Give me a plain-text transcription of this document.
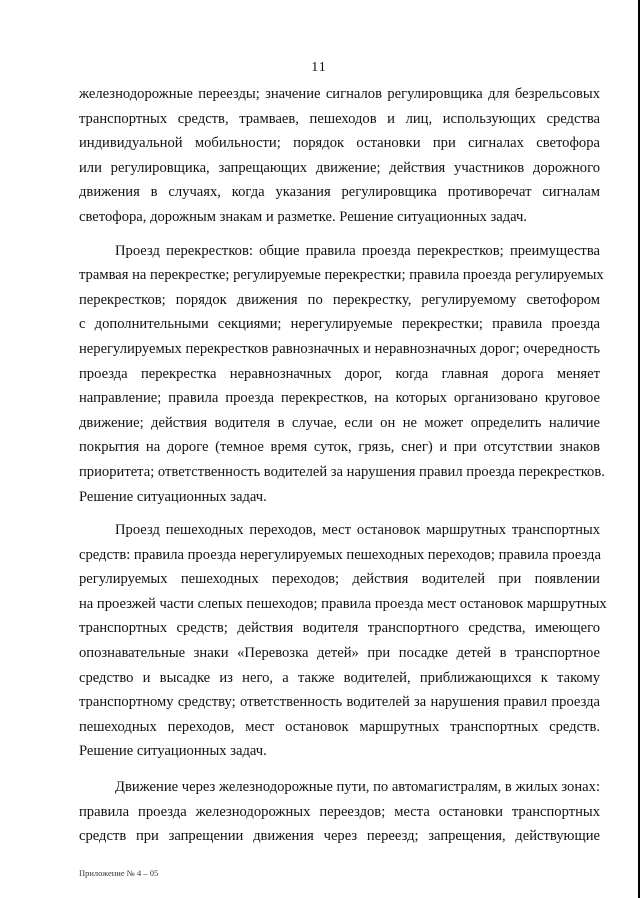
11

железнодорожные переезды; значение сигналов регулировщика для безрельсовых
транспортных средств, трамваев, пешеходов и лиц, использующих средства
индивидуальной мобильности; порядок остановки при сигналах светофора
или регулировщика, запрещающих движение; действия участников дорожного
движения в случаях, когда указания регулировщика противоречат сигналам
светофора, дорожным знакам и разметке. Решение ситуационных задач.

Проезд перекрестков: общие правила проезда перекрестков; преимущества
трамвая на перекрестке; регулируемые перекрестки; правила проезда регулируемых
перекрестков; порядок движения по перекрестку, регулируемому светофором
с дополнительными секциями; нерегулируемые перекрестки; правила проезда
нерегулируемых перекрестков равнозначных и неравнозначных дорог; очередность
проезда перекрестка неравнозначных дорог, когда главная дорога меняет
направление; правила проезда перекрестков, на которых организовано круговое
движение; действия водителя в случае, если он не может определить наличие
покрытия на дороге (темное время суток, грязь, снег) и при отсутствии знаков
приоритета; ответственность водителей за нарушения правил проезда перекрестков.
Решение ситуационных задач.

Проезд пешеходных переходов, мест остановок маршрутных транспортных
средств: правила проезда нерегулируемых пешеходных переходов; правила проезда
регулируемых пешеходных переходов; действия водителей при появлении
на проезжей части слепых пешеходов; правила проезда мест остановок маршрутных
транспортных средств; действия водителя транспортного средства, имеющего
опознавательные знаки «Перевозка детей» при посадке детей в транспортное
средство и высадке из него, а также водителей, приближающихся к такому
транспортному средству; ответственность водителей за нарушения правил проезда
пешеходных переходов, мест остановок маршрутных транспортных средств.
Решение ситуационных задач.

Движение через железнодорожные пути, по автомагистралям, в жилых зонах:
правила проезда железнодорожных переездов; места остановки транспортных
средств при запрещении движения через переезд; запрещения, действующие

Приложение № 4 – 05
